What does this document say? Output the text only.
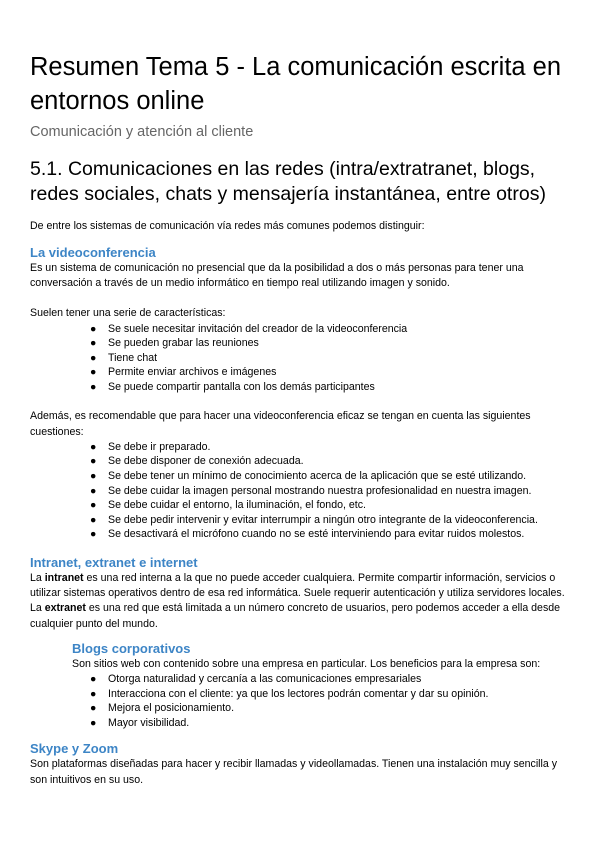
Resumen Tema 5 - La comunicación escrita en entornos online
Comunicación y atención al cliente
5.1. Comunicaciones en las redes (intra/extratranet, blogs, redes sociales, chats y mensajería instantánea, entre otros)

De entre los sistemas de comunicación vía redes más comunes podemos distinguir:

La videoconferencia

Es un sistema de comunicación no presencial que da la posibilidad a dos o más personas para tener una conversación a través de un medio informático en tiempo real utilizando imagen y sonido.

Suelen tener una serie de características:

● Se suele necesitar invitación del creador de la videoconferencia
● Se pueden grabar las reuniones
● Tiene chat
● Permite enviar archivos e imágenes
● Se puede compartir pantalla con los demás participantes

Además, es recomendable que para hacer una videoconferencia eficaz se tengan en cuenta las siguientes cuestiones:

● Se debe ir preparado.
● Se debe disponer de conexión adecuada.
● Se debe tener un mínimo de conocimiento acerca de la aplicación que se esté utilizando.
● Se debe cuidar la imagen personal mostrando nuestra profesionalidad en nuestra imagen.
● Se debe cuidar el entorno, la iluminación, el fondo, etc.
● Se debe pedir intervenir y evitar interrumpir a ningún otro integrante de la videoconferencia.
● Se desactivará el micrófono cuando no se esté interviniendo para evitar ruidos molestos.
Intranet, extranet e internet

La intranet es una red interna a la que no puede acceder cualquiera. Permite compartir información, servicios o utilizar sistemas operativos dentro de esa red informática. Suele requerir autenticación y utiliza servidores locales.

La extranet es una red que está limitada a un número concreto de usuarios, pero podemos acceder a ella desde cualquier punto del mundo.

Blogs corporativos

Son sitios web con contenido sobre una empresa en particular. Los beneficios para la empresa son:

● Otorga naturalidad y cercanía a las comunicaciones empresariales
● Interacciona con el cliente: ya que los lectores podrán comentar y dar su opinión.
● Mejora el posicionamiento.
● Mayor visibilidad.
Skype y Zoom

Son plataformas diseñadas para hacer y recibir llamadas y videollamadas. Tienen una instalación muy sencilla y son intuitivos en su uso.
